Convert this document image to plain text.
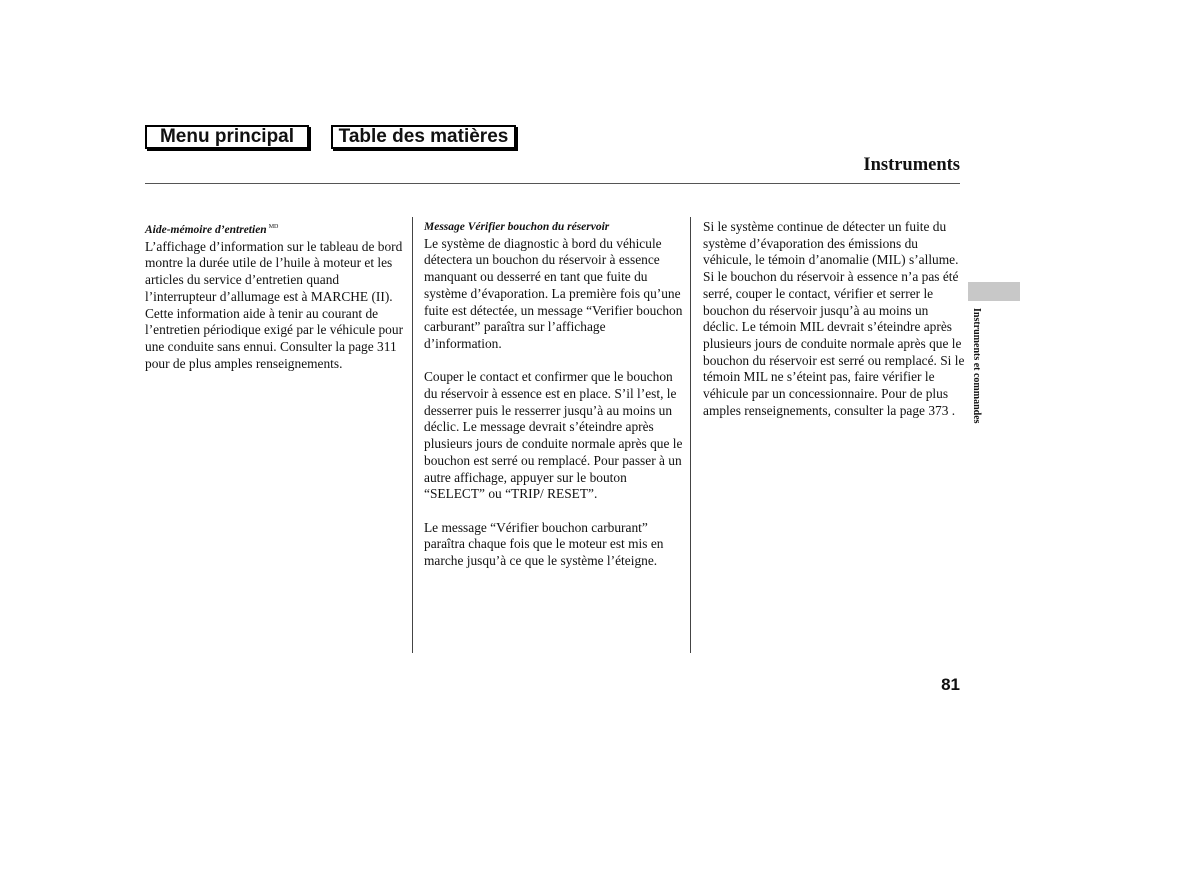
Menu principal	Table des matières
Instruments
Aide-mémoire d’entretien $^{MD}$

L’affichage d’information sur le tableau de bord montre la durée utile de l’huile à moteur et les articles du service d’entretien quand l’interrupteur d’allumage est à MARCHE (II). Cette information aide à tenir au courant de l’entretien périodique exigé par le véhicule pour une conduite sans ennui. Consulter la page 311 pour de plus amples renseignements.

Message Vérifier bouchon du réservoir

Le système de diagnostic à bord du véhicule détectera un bouchon du réservoir à essence manquant ou desserré en tant que fuite du système d’évaporation. La première fois qu’une fuite est détectée, un message “Verifier bouchon carburant” paraîtra sur l’affichage d’information.

Couper le contact et confirmer que le bouchon du réservoir à essence est en place. S’il l’est, le desserrer puis le resserrer jusqu’à au moins un déclic. Le message devrait s’éteindre après plusieurs jours de conduite normale après que le bouchon est serré ou remplacé. Pour passer à un autre affichage, appuyer sur le bouton “SELECT” ou “TRIP/ RESET”.

Le message “Vérifier bouchon carburant” paraîtra chaque fois que le moteur est mis en marche jusqu’à ce que le système l’éteigne.

Si le système continue de détecter un fuite du système d’évaporation des émissions du véhicule, le témoin d’anomalie (MIL) s’allume. Si le bouchon du réservoir à essence n’a pas été serré, couper le contact, vérifier et serrer le bouchon du réservoir jusqu’à au moins un déclic. Le témoin MIL devrait s’éteindre après plusieurs jours de conduite normale après que le bouchon du réservoir est serré ou remplacé. Si le témoin MIL ne s’éteint pas, faire vérifier le véhicule par un concessionnaire. Pour de plus amples renseignements, consulter la page 373 .	Instruments et commandes
81
